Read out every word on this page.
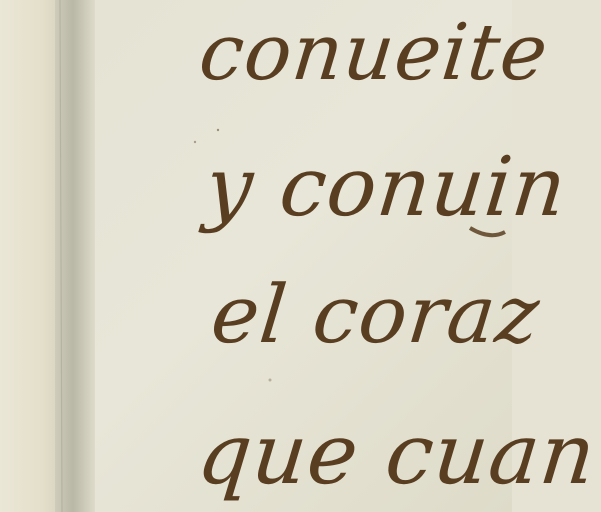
conueite
y conuin
el coraz
que cuan
